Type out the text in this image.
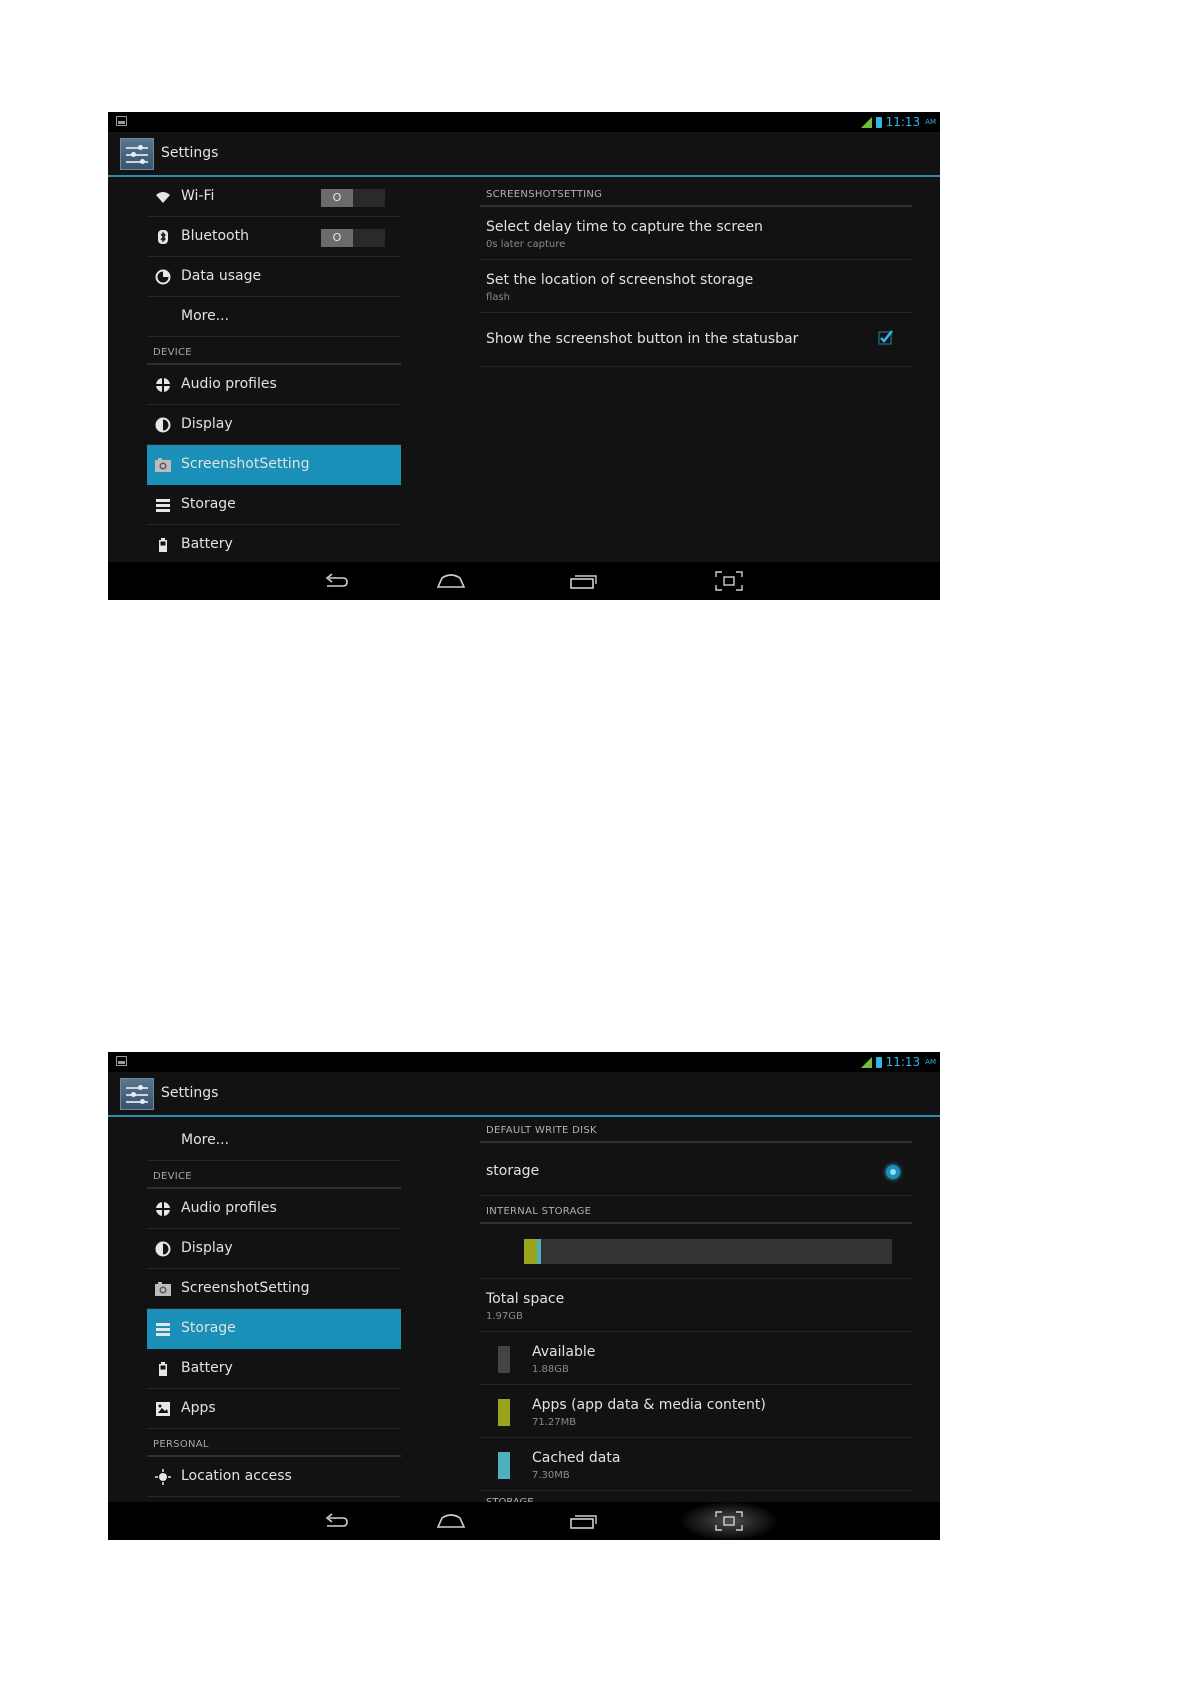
11:13 AM
Settings
Wi-Fi	O
Bluetooth	O
Data usage
More...
DEVICE
Audio profiles
Display
ScreenshotSetting
Storage
Battery
SCREENSHOTSETTING
Select delay time to capture the screen
0s later capture
Set the location of screenshot storage
flash
Show the screenshot button in the statusbar
11:13 AM
Settings
More...
DEVICE
Audio profiles
Display
ScreenshotSetting
Storage
Battery
Apps
PERSONAL
Location access
DEFAULT WRITE DISK
storage
INTERNAL STORAGE
Total space
1.97GB
Available
1.88GB
Apps (app data & media content)
71.27MB
Cached data
7.30MB
